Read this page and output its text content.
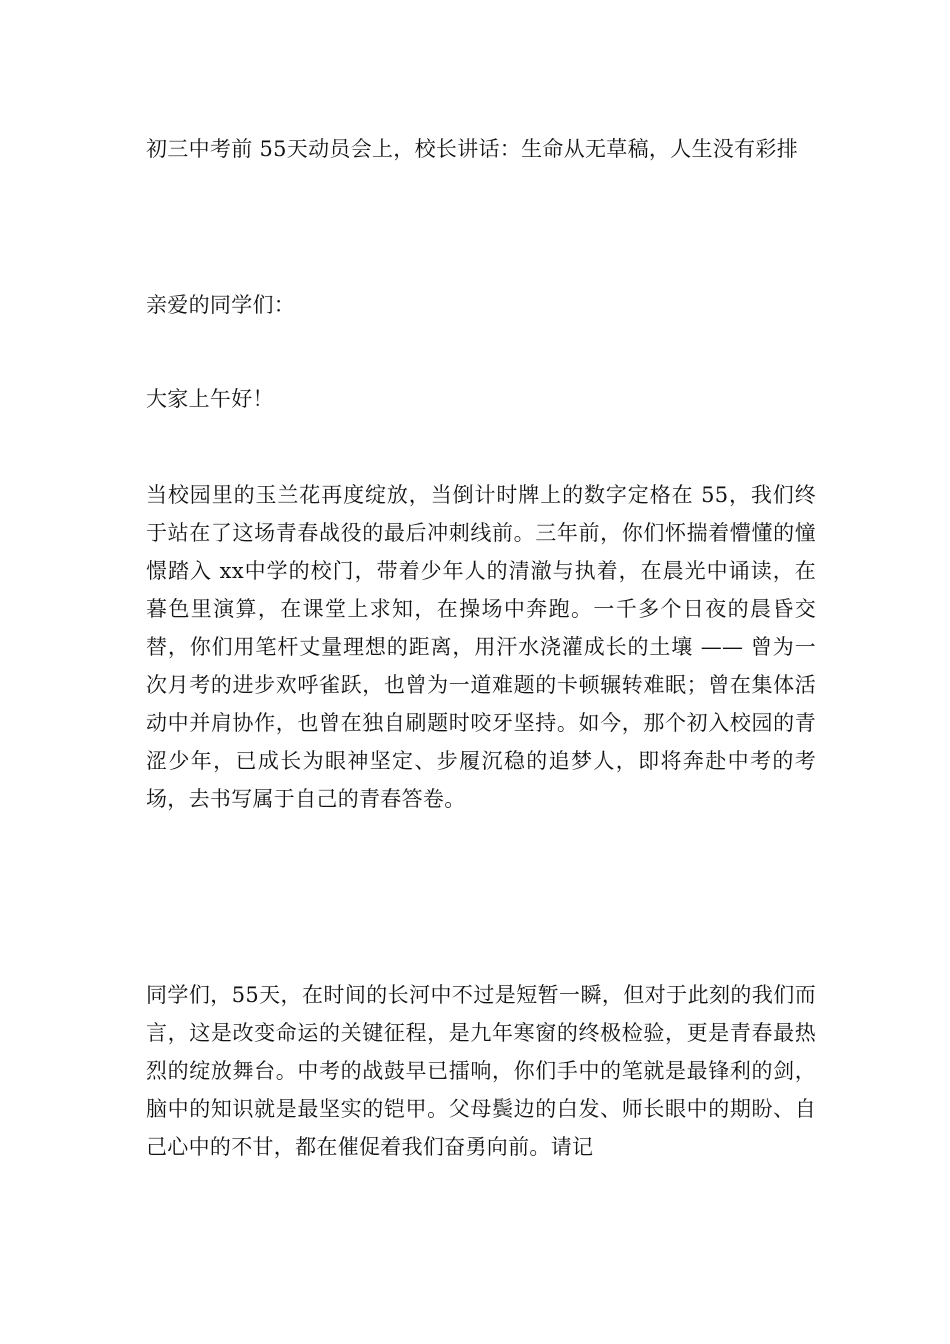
初三中考前 55天动员会上，校长讲话：生命从无草稿，人生没有彩排

亲爱的同学们：

大家上午好！

当校园里的玉兰花再度绽放，当倒计时牌上的数字定格在 55，我们终于站在了这场青春战役的最后冲刺线前。三年前，你们怀揣着懵懂的憧憬踏入 xx中学的校门，带着少年人的清澈与执着，在晨光中诵读，在暮色里演算，在课堂上求知，在操场中奔跑。一千多个日夜的晨昏交替，你们用笔杆丈量理想的距离，用汗水浇灌成长的土壤 —— 曾为一次月考的进步欢呼雀跃，也曾为一道难题的卡顿辗转难眠；曾在集体活动中并肩协作，也曾在独自刷题时咬牙坚持。如今，那个初入校园的青涩少年，已成长为眼神坚定、步履沉稳的追梦人，即将奔赴中考的考场，去书写属于自己的青春答卷。

同学们，55天，在时间的长河中不过是短暂一瞬，但对于此刻的我们而言，这是改变命运的关键征程，是九年寒窗的终极检验，更是青春最热烈的绽放舞台。中考的战鼓早已擂响，你们手中的笔就是最锋利的剑，脑中的知识就是最坚实的铠甲。父母鬓边的白发、师长眼中的期盼、自己心中的不甘，都在催促着我们奋勇向前。请记
